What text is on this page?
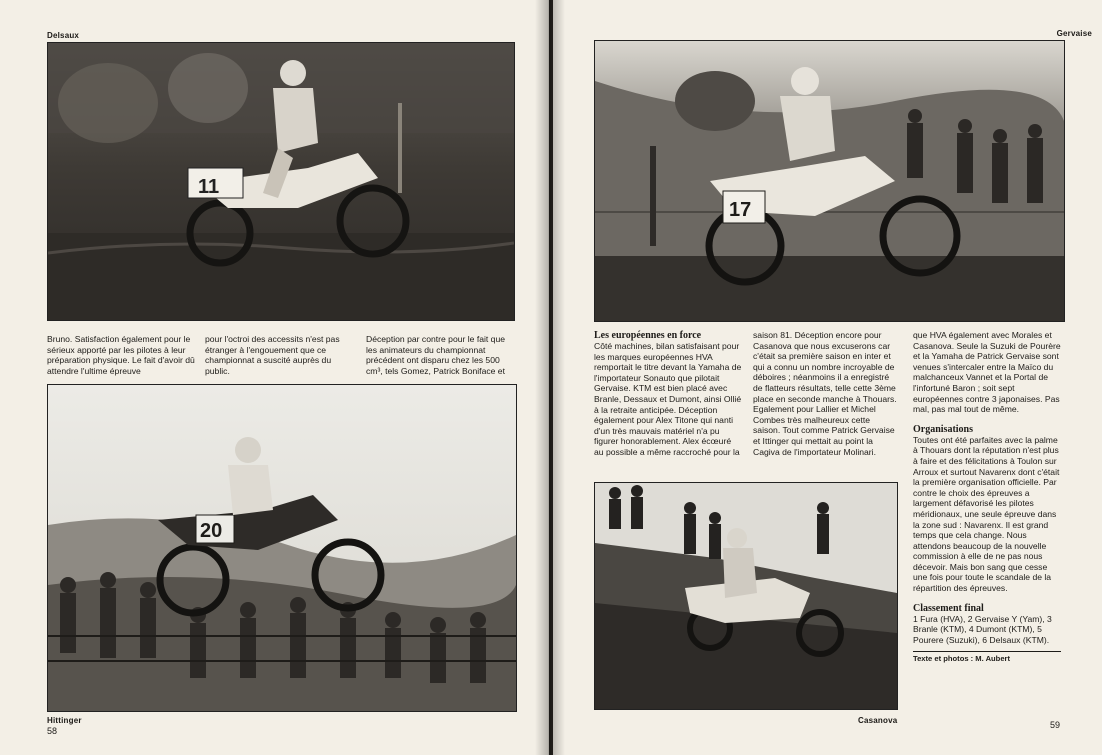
Delsaux
11

Bruno. Satisfaction également pour le sérieux apporté par les pilotes à leur préparation physique. Le fait d'avoir dû attendre l'ultime épreuve

pour l'octroi des accessits n'est pas étranger à l'engouement que ce championnat a suscité auprès du public.

Déception par contre pour le fait que les animateurs du championnat précédent ont disparu chez les 500 cm³, tels Gomez, Patrick Boniface et

20
Hittinger
58
Gervaise
17
Les européennes en force

Côté machines, bilan satisfaisant pour les marques européennes HVA remportait le titre devant la Yamaha de l'importateur Sonauto que pilotait Gervaise. KTM est bien placé avec Branle, Dessaux et Dumont, ainsi Ollié à la retraite anticipée. Déception également pour Alex Titone qui nanti d'un très mauvais matériel n'a pu figurer honorablement. Alex écœuré au possible a même raccroché pour la

saison 81. Déception encore pour Casanova que nous excuserons car c'était sa première saison en inter et qui a connu un nombre incroyable de déboires ; néanmoins il a enregistré de flatteurs résultats, telle cette 3ème place en seconde manche à Thouars. Egalement pour Lallier et Michel Combes très malheureux cette saison. Tout comme Patrick Gervaise et Ittinger qui mettait au point la Cagiva de l'importateur Molinari.

que HVA également avec Morales et Casanova. Seule la Suzuki de Pourère et la Yamaha de Patrick Gervaise sont venues s'intercaler entre la Maïco du malchanceux Vannet et la Portal de l'infortuné Baron ; soit sept européennes contre 3 japonaises. Pas mal, pas mal tout de même.

Organisations

Toutes ont été parfaites avec la palme à Thouars dont la réputation n'est plus à faire et des félicitations à Toulon sur Arroux et surtout Navarenx dont c'était la première organisation officielle. Par contre le choix des épreuves a largement défavorisé les pilotes méridionaux, une seule épreuve dans la zone sud : Navarenx. Il est grand temps que cela change. Nous attendons beaucoup de la nouvelle commission à elle de ne pas nous décevoir. Mais bon sang que cesse une fois pour toute le scandale de la répartition des épreuves.

Classement final

1 Fura (HVA), 2 Gervaise Y (Yam), 3 Branle (KTM), 4 Dumont (KTM), 5 Pourere (Suzuki), 6 Delsaux (KTM).

Texte et photos : M. Aubert
Casanova	59
